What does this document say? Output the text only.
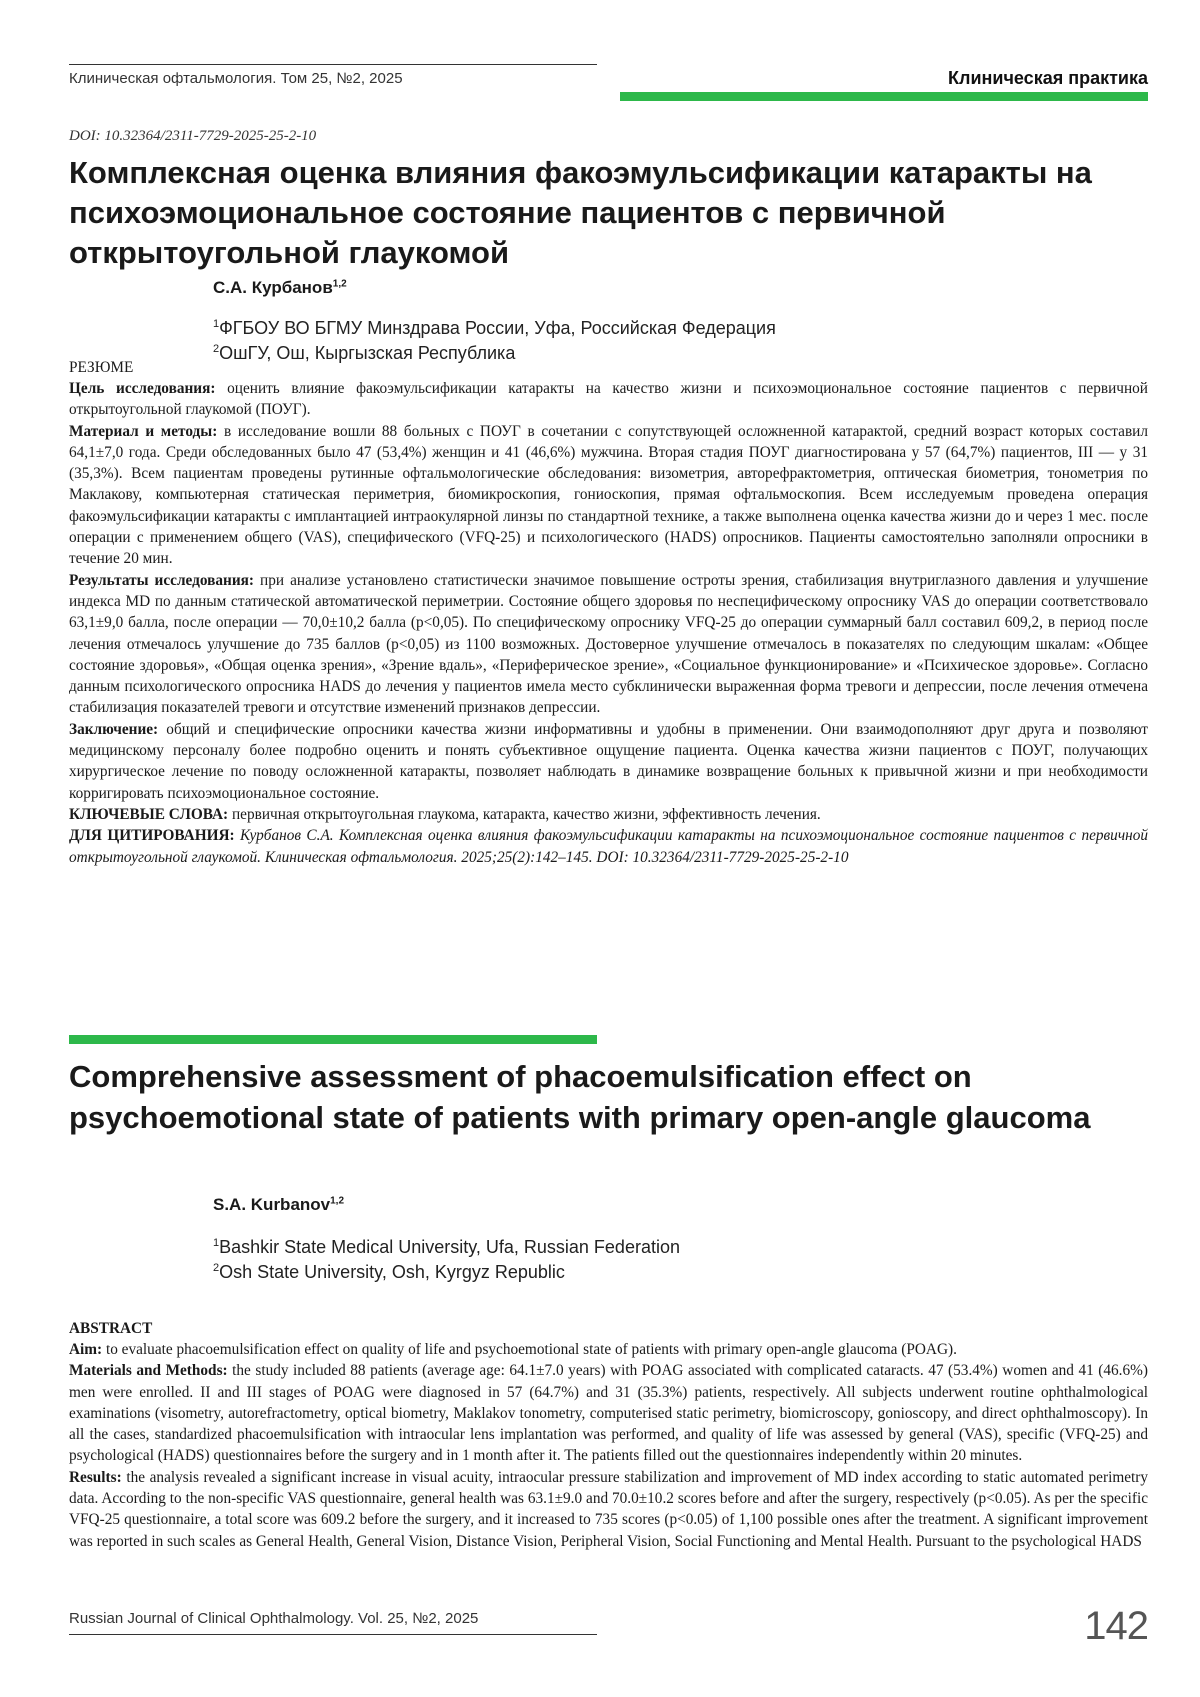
Клиническая офтальмология. Том 25, №2, 2025	Клиническая практика
DOI: 10.32364/2311-7729-2025-25-2-10
Комплексная оценка влияния факоэмульсификации катаракты на психоэмоциональное состояние пациентов с первичной открытоугольной глаукомой
С.А. Курбанов1,2
1ФГБОУ ВО БГМУ Минздрава России, Уфа, Российская Федерация
2ОшГУ, Ош, Кыргызская Республика
РЕЗЮМЕ

Цель исследования: оценить влияние факоэмульсификации катаракты на качество жизни и психоэмоциональное состояние пациентов с первичной открытоугольной глаукомой (ПОУГ).

Материал и методы: в исследование вошли 88 больных с ПОУГ в сочетании с сопутствующей осложненной катарактой, средний возраст которых составил 64,1±7,0 года. Среди обследованных было 47 (53,4%) женщин и 41 (46,6%) мужчина. Вторая стадия ПОУГ диагностирована у 57 (64,7%) пациентов, III — у 31 (35,3%). Всем пациентам проведены рутинные офтальмологические обследования: визометрия, авторефрактометрия, оптическая биометрия, тонометрия по Маклакову, компьютерная статическая периметрия, биомикроскопия, гониоскопия, прямая офтальмоскопия. Всем исследуемым проведена операция факоэмульсификации катаракты с имплантацией интраокулярной линзы по стандартной технике, а также выполнена оценка качества жизни до и через 1 мес. после операции с применением общего (VAS), специфического (VFQ-25) и психологического (HADS) опросников. Пациенты самостоятельно заполняли опросники в течение 20 мин.

Результаты исследования: при анализе установлено статистически значимое повышение остроты зрения, стабилизация внутриглазного давления и улучшение индекса MD по данным статической автоматической периметрии. Состояние общего здоровья по неспецифическому опроснику VAS до операции соответствовало 63,1±9,0 балла, после операции — 70,0±10,2 балла (p<0,05). По специфическому опроснику VFQ-25 до операции суммарный балл составил 609,2, в период после лечения отмечалось улучшение до 735 баллов (p<0,05) из 1100 возможных. Достоверное улучшение отмечалось в показателях по следующим шкалам: «Общее состояние здоровья», «Общая оценка зрения», «Зрение вдаль», «Периферическое зрение», «Социальное функционирование» и «Психическое здоровье». Согласно данным психологического опросника HADS до лечения у пациентов имела место субклинически выраженная форма тревоги и депрессии, после лечения отмечена стабилизация показателей тревоги и отсутствие изменений признаков депрессии.

Заключение: общий и специфические опросники качества жизни информативны и удобны в применении. Они взаимодополняют друг друга и позволяют медицинскому персоналу более подробно оценить и понять субъективное ощущение пациента. Оценка качества жизни пациентов с ПОУГ, получающих хирургическое лечение по поводу осложненной катаракты, позволяет наблюдать в динамике возвращение больных к привычной жизни и при необходимости корригировать психоэмоциональное состояние.

КЛЮЧЕВЫЕ СЛОВА: первичная открытоугольная глаукома, катаракта, качество жизни, эффективность лечения.

ДЛЯ ЦИТИРОВАНИЯ: Курбанов С.А. Комплексная оценка влияния факоэмульсификации катаракты на психоэмоциональное состояние пациентов с первичной открытоугольной глаукомой. Клиническая офтальмология. 2025;25(2):142–145. DOI: 10.32364/2311-7729-2025-25-2-10

Comprehensive assessment of phacoemulsification effect on psychoemotional state of patients with primary open-angle glaucoma
S.A. Kurbanov1,2
1Bashkir State Medical University, Ufa, Russian Federation
2Osh State University, Osh, Kyrgyz Republic
ABSTRACT

Aim: to evaluate phacoemulsification effect on quality of life and psychoemotional state of patients with primary open-angle glaucoma (POAG).

Materials and Methods: the study included 88 patients (average age: 64.1±7.0 years) with POAG associated with complicated cataracts. 47 (53.4%) women and 41 (46.6%) men were enrolled. II and III stages of POAG were diagnosed in 57 (64.7%) and 31 (35.3%) patients, respectively. All subjects underwent routine ophthalmological examinations (visometry, autorefractometry, optical biometry, Maklakov tonometry, computerised static perimetry, biomicroscopy, gonioscopy, and direct ophthalmoscopy). In all the cases, standardized phacoemulsification with intraocular lens implantation was performed, and quality of life was assessed by general (VAS), specific (VFQ-25) and psychological (HADS) questionnaires before the surgery and in 1 month after it. The patients filled out the questionnaires independently within 20 minutes.

Results: the analysis revealed a significant increase in visual acuity, intraocular pressure stabilization and improvement of MD index according to static automated perimetry data. According to the non-specific VAS questionnaire, general health was 63.1±9.0 and 70.0±10.2 scores before and after the surgery, respectively (p<0.05). As per the specific VFQ-25 questionnaire, a total score was 609.2 before the surgery, and it increased to 735 scores (p<0.05) of 1,100 possible ones after the treatment. A significant improvement was reported in such scales as General Health, General Vision, Distance Vision, Peripheral Vision, Social Functioning and Mental Health. Pursuant to the psychological HADS

Russian Journal of Clinical Ophthalmology. Vol. 25, №2, 2025	142
